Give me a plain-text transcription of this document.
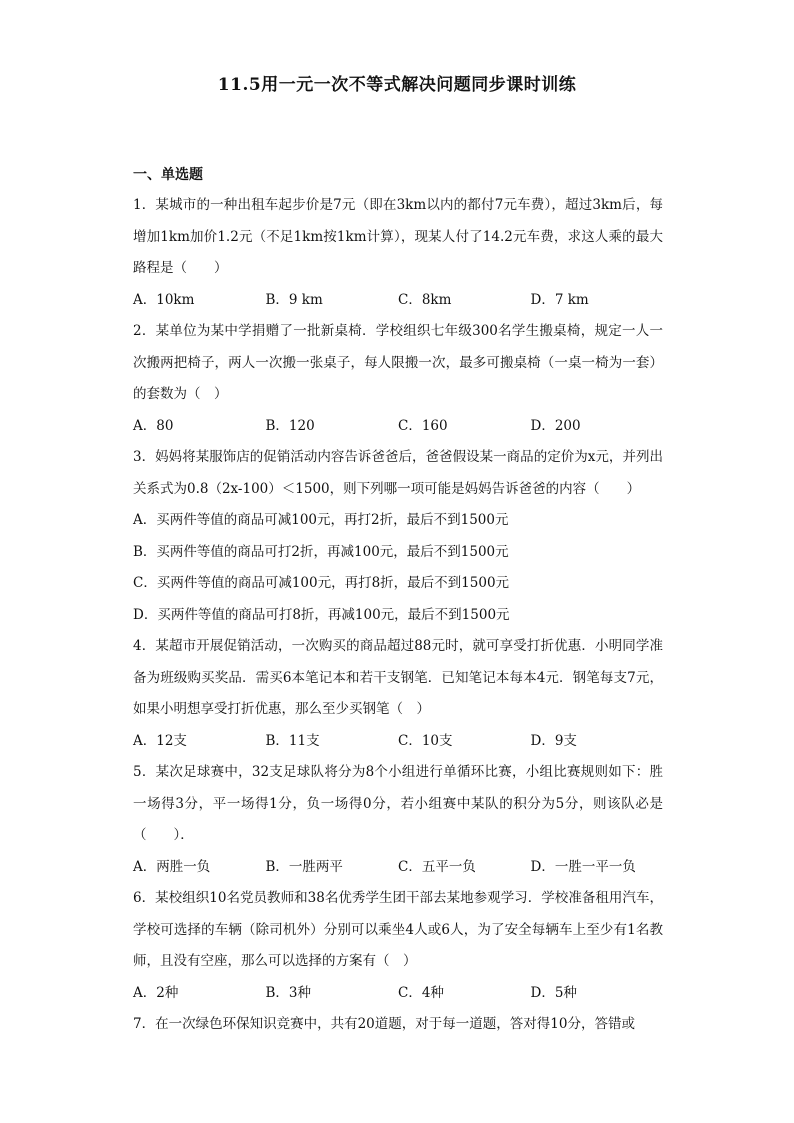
11.5用一元一次不等式解决问题同步课时训练
一、单选题
1．某城市的一种出租车起步价是7元（即在3km以内的都付7元车费），超过3km后，每增加1km加价1.2元（不足1km按1km计算），现某人付了14.2元车费，求这人乘的最大路程是（　　）
A．10km	B．9 km	C．8km	D．7 km
2．某单位为某中学捐赠了一批新桌椅．学校组织七年级300名学生搬桌椅，规定一人一次搬两把椅子，两人一次搬一张桌子，每人限搬一次，最多可搬桌椅（一桌一椅为一套）的套数为（　）
A．80	B．120	C．160	D．200
3．妈妈将某服饰店的促销活动内容告诉爸爸后，爸爸假设某一商品的定价为x元，并列出关系式为0.8（2x-100）＜1500，则下列哪一项可能是妈妈告诉爸爸的内容（　　）
A．买两件等值的商品可减100元，再打2折，最后不到1500元
B．买两件等值的商品可打2折，再减100元，最后不到1500元
C．买两件等值的商品可减100元，再打8折，最后不到1500元
D．买两件等值的商品可打8折，再减100元，最后不到1500元
4．某超市开展促销活动，一次购买的商品超过88元时，就可享受打折优惠．小明同学准备为班级购买奖品．需买6本笔记本和若干支钢笔．已知笔记本每本4元．钢笔每支7元，如果小明想享受打折优惠，那么至少买钢笔（　）
A．12支	B．11支	C．10支	D．9支
5．某次足球赛中，32支足球队将分为8个小组进行单循环比赛，小组比赛规则如下：胜一场得3分，平一场得1分，负一场得0分，若小组赛中某队的积分为5分，则该队必是（　　）．
A．两胜一负	B．一胜两平	C．五平一负	D．一胜一平一负
6．某校组织10名党员教师和38名优秀学生团干部去某地参观学习．学校准备租用汽车，学校可选择的车辆（除司机外）分别可以乘坐4人或6人，为了安全每辆车上至少有1名教师，且没有空座，那么可以选择的方案有（　）
A．2种	B．3种	C．4种	D．5种
7．在一次绿色环保知识竞赛中，共有20道题，对于每一道题，答对得10分，答错或
